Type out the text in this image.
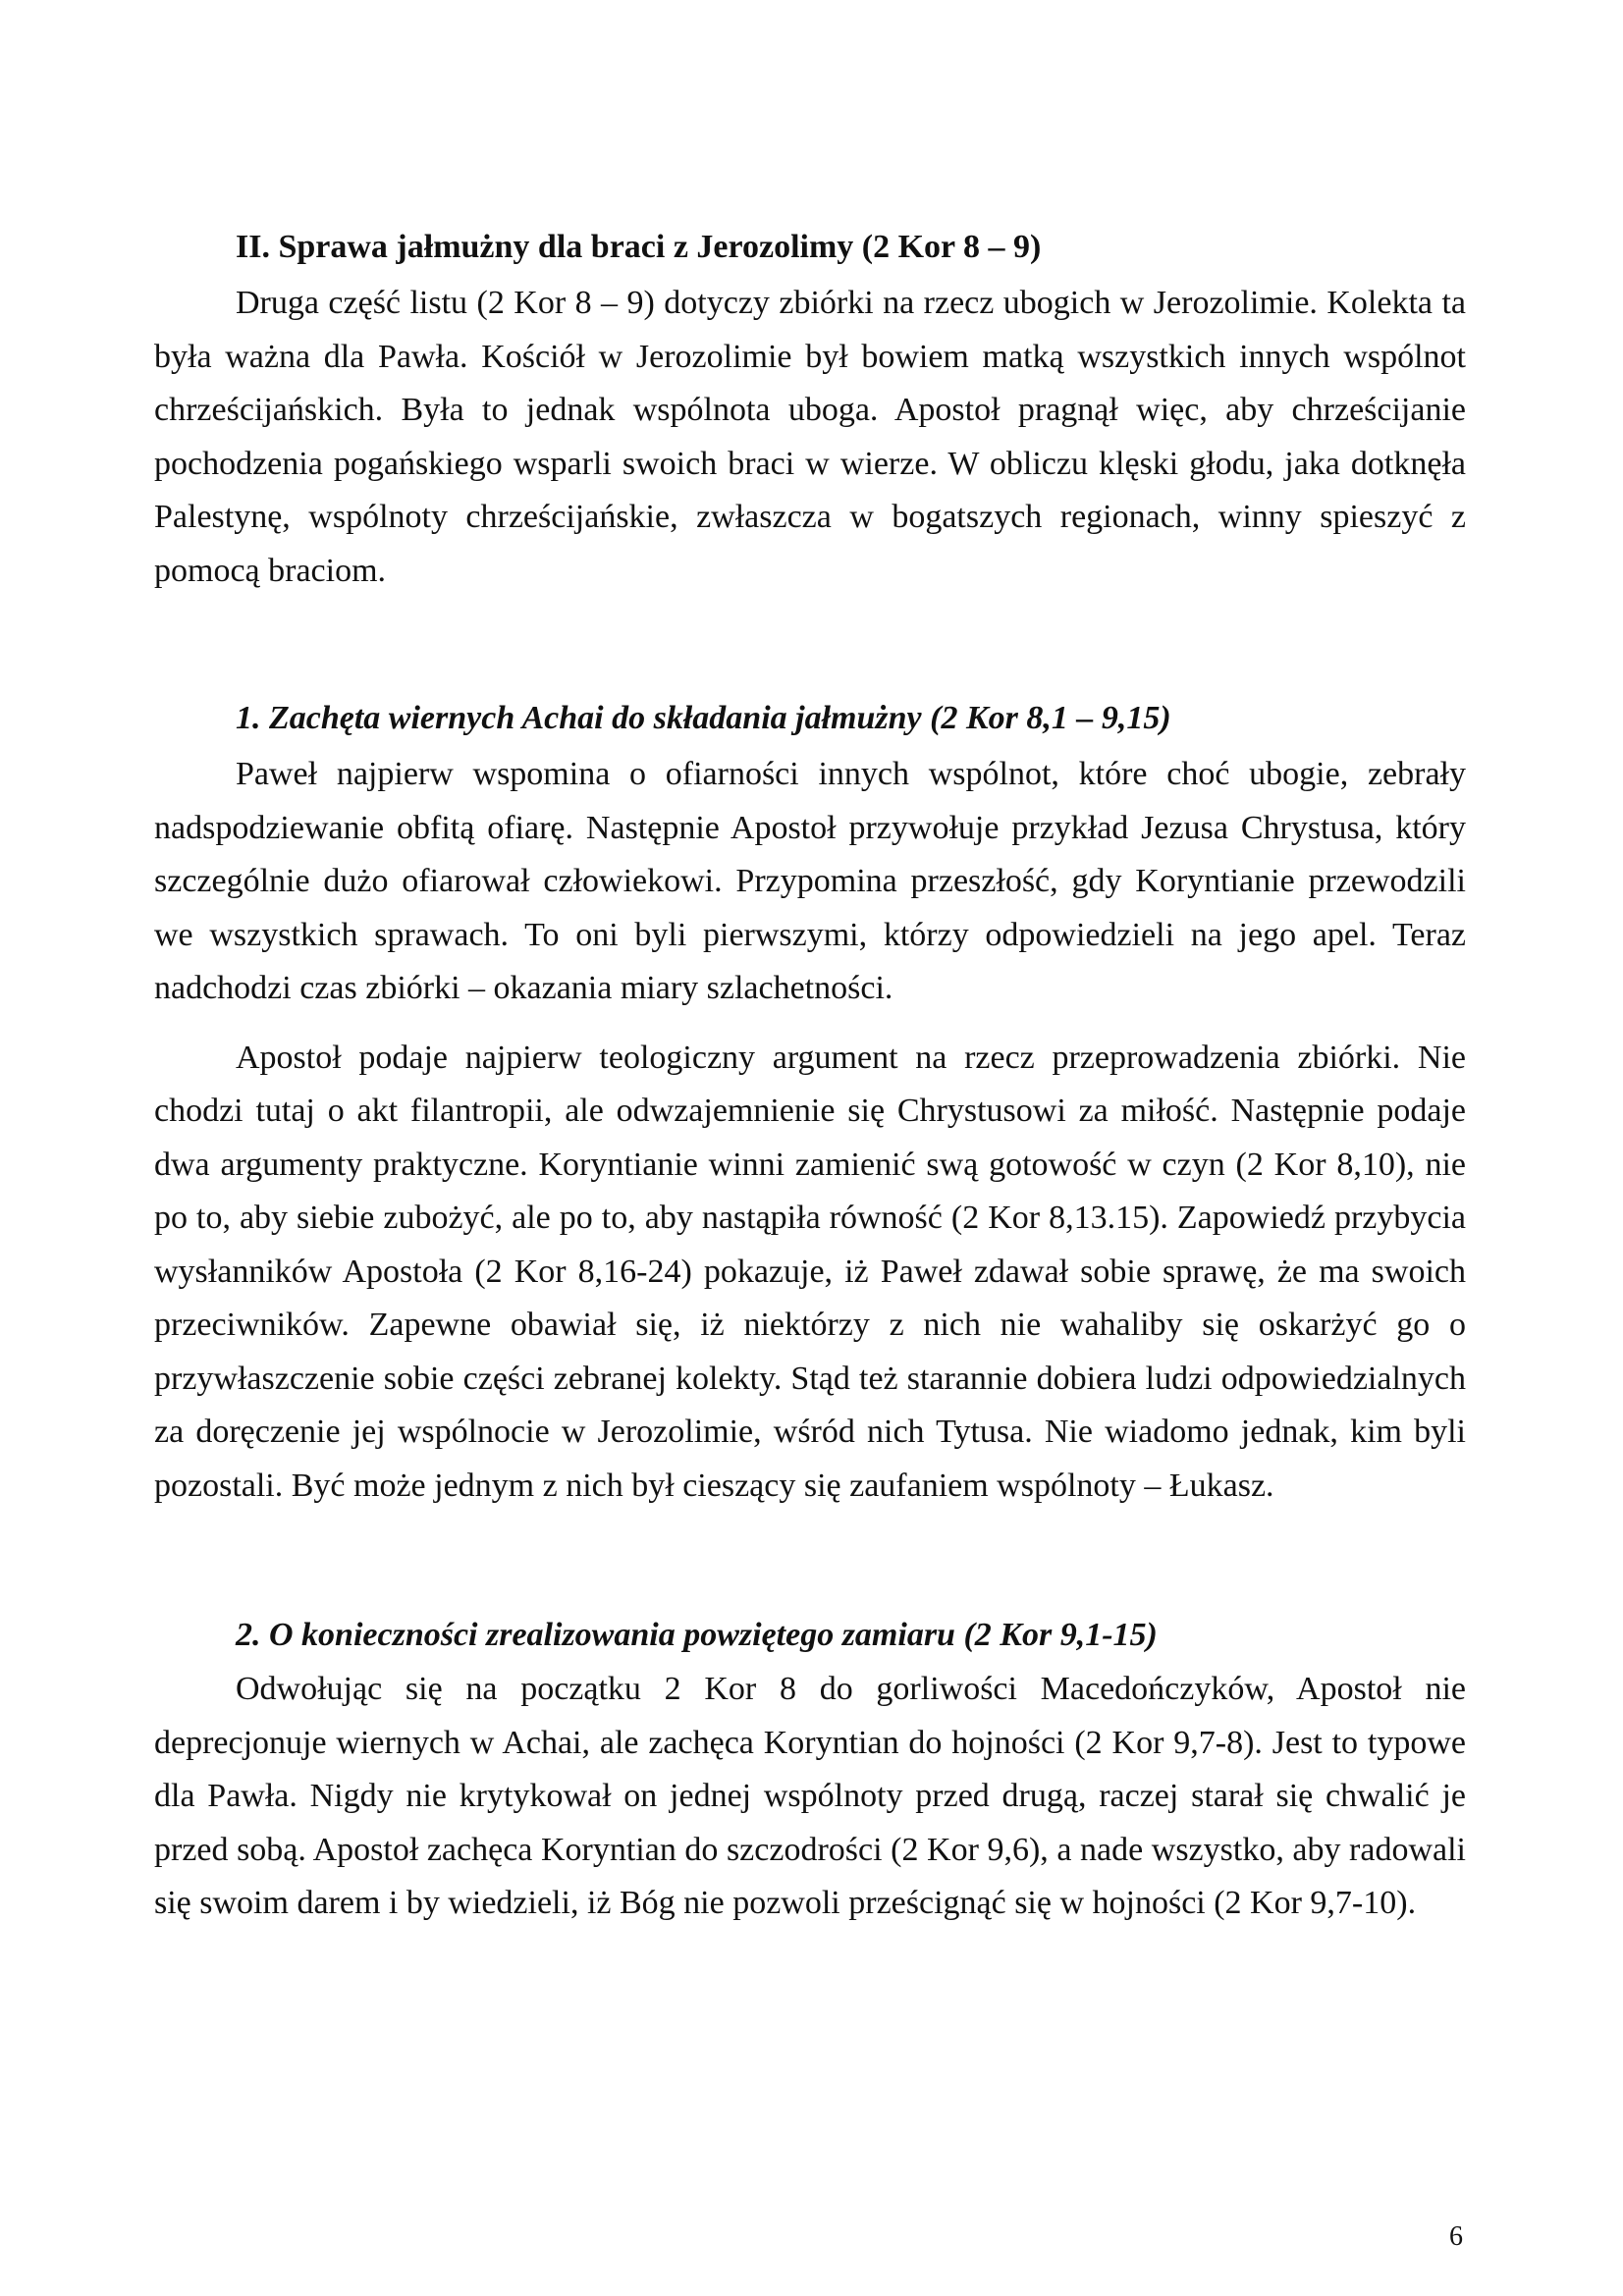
II. Sprawa jałmużny dla braci z Jerozolimy (2 Kor 8 – 9)

Druga część listu (2 Kor 8 – 9) dotyczy zbiórki na rzecz ubogich w Jerozolimie. Kolekta ta była ważna dla Pawła. Kościół w Jerozolimie był bowiem matką wszystkich innych wspólnot chrześcijańskich. Była to jednak wspólnota uboga. Apostoł pragnął więc, aby chrześcijanie pochodzenia pogańskiego wsparli swoich braci w wierze. W obliczu klęski głodu, jaka dotknęła Palestynę, wspólnoty chrześcijańskie, zwłaszcza w bogatszych regionach, winny spieszyć z pomocą braciom.

1. Zachęta wiernych Achai do składania jałmużny (2 Kor 8,1 – 9,15)

Paweł najpierw wspomina o ofiarności innych wspólnot, które choć ubogie, zebrały nadspodziewanie obfitą ofiarę. Następnie Apostoł przywołuje przykład Jezusa Chrystusa, który szczególnie dużo ofiarował człowiekowi. Przypomina przeszłość, gdy Koryntianie przewodzili we wszystkich sprawach. To oni byli pierwszymi, którzy odpowiedzieli na jego apel. Teraz nadchodzi czas zbiórki – okazania miary szlachetności.

Apostoł podaje najpierw teologiczny argument na rzecz przeprowadzenia zbiórki. Nie chodzi tutaj o akt filantropii, ale odwzajemnienie się Chrystusowi za miłość. Następnie podaje dwa argumenty praktyczne. Koryntianie winni zamienić swą gotowość w czyn (2 Kor 8,10), nie po to, aby siebie zubożyć, ale po to, aby nastąpiła równość (2 Kor 8,13.15). Zapowiedź przybycia wysłanników Apostoła (2 Kor 8,16-24) pokazuje, iż Paweł zdawał sobie sprawę, że ma swoich przeciwników. Zapewne obawiał się, iż niektórzy z nich nie wahaliby się oskarżyć go o przywłaszczenie sobie części zebranej kolekty. Stąd też starannie dobiera ludzi odpowiedzialnych za doręczenie jej wspólnocie w Jerozolimie, wśród nich Tytusa. Nie wiadomo jednak, kim byli pozostali. Być może jednym z nich był cieszący się zaufaniem wspólnoty – Łukasz.

2. O konieczności zrealizowania powziętego zamiaru (2 Kor 9,1-15)

Odwołując się na początku 2 Kor 8 do gorliwości Macedończyków, Apostoł nie deprecjonuje wiernych w Achai, ale zachęca Koryntian do hojności (2 Kor 9,7-8). Jest to typowe dla Pawła. Nigdy nie krytykował on jednej wspólnoty przed drugą, raczej starał się chwalić je przed sobą. Apostoł zachęca Koryntian do szczodrości (2 Kor 9,6), a nade wszystko, aby radowali się swoim darem i by wiedzieli, iż Bóg nie pozwoli prześcignąć się w hojności (2 Kor 9,7-10).

6
